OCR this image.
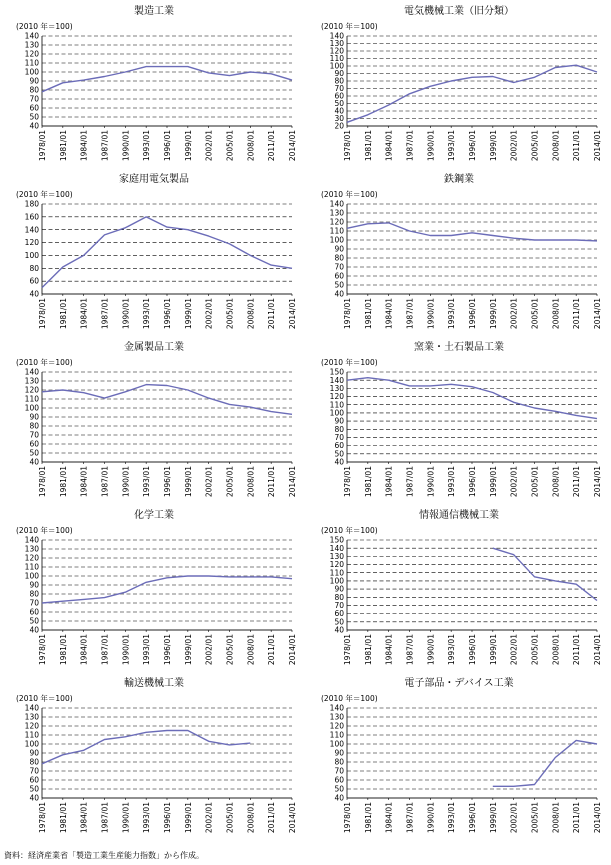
製造工業
(2010 年＝100)
40
50
60
70
80
90
100
110
120
130
140
1978/01 1981/01 1984/01 1987/01 1990/01 1993/01 1996/01 1999/01 2002/01 2005/01 2008/01 2011/01 2014/01
電気機械工業（旧分類）
(2010 年＝100)
20
30
40
50
60
70
80
90
100
110
120
130
140
1978/01 1981/01 1984/01 1987/01 1990/01 1993/01 1996/01 1999/01 2002/01 2005/01 2008/01 2011/01 2014/01
家庭用電気製品
(2010 年＝100)
40
60
80
100
120
140
160
180
1978/01 1981/01 1984/01 1987/01 1990/01 1993/01 1996/01 1999/01 2002/01 2005/01 2008/01 2011/01 2014/01
鉄鋼業
(2010 年＝100)
40
50
60
70
80
90
100
110
120
130
140
1978/01 1981/01 1984/01 1987/01 1990/01 1993/01 1996/01 1999/01 2002/01 2005/01 2008/01 2011/01 2014/01
金属製品工業
(2010 年＝100)
40
50
60
70
80
90
100
110
120
130
140
1978/01 1981/01 1984/01 1987/01 1990/01 1993/01 1996/01 1999/01 2002/01 2005/01 2008/01 2011/01 2014/01
窯業・土石製品工業
(2010 年＝100)
40
50
60
70
80
90
100
110
120
130
140
150
1978/01 1981/01 1984/01 1987/01 1990/01 1993/01 1996/01 1999/01 2002/01 2005/01 2008/01 2011/01 2014/01
化学工業
(2010 年＝100)
40
50
60
70
80
90
100
110
120
130
140
1978/01 1981/01 1984/01 1987/01 1990/01 1993/01 1996/01 1999/01 2002/01 2005/01 2008/01 2011/01 2014/01
情報通信機械工業
(2010 年＝100)
40
50
60
70
80
90
100
110
120
130
140
150
1978/01 1981/01 1984/01 1987/01 1990/01 1993/01 1996/01 1999/01 2002/01 2005/01 2008/01 2011/01 2014/01
輸送機械工業
(2010 年＝100)
40
50
60
70
80
90
100
110
120
130
140
1978/01 1981/01 1984/01 1987/01 1990/01 1993/01 1996/01 1999/01 2002/01 2005/01 2008/01 2011/01 2014/01
電子部品・デバイス工業
(2010 年＝100)
40
50
60
70
80
90
100
110
120
130
140
1978/01 1981/01 1984/01 1987/01 1990/01 1993/01 1996/01 1999/01 2002/01 2005/01 2008/01 2011/01 2014/01
資料：経済産業省「製造工業生産能力指数」から作成。
